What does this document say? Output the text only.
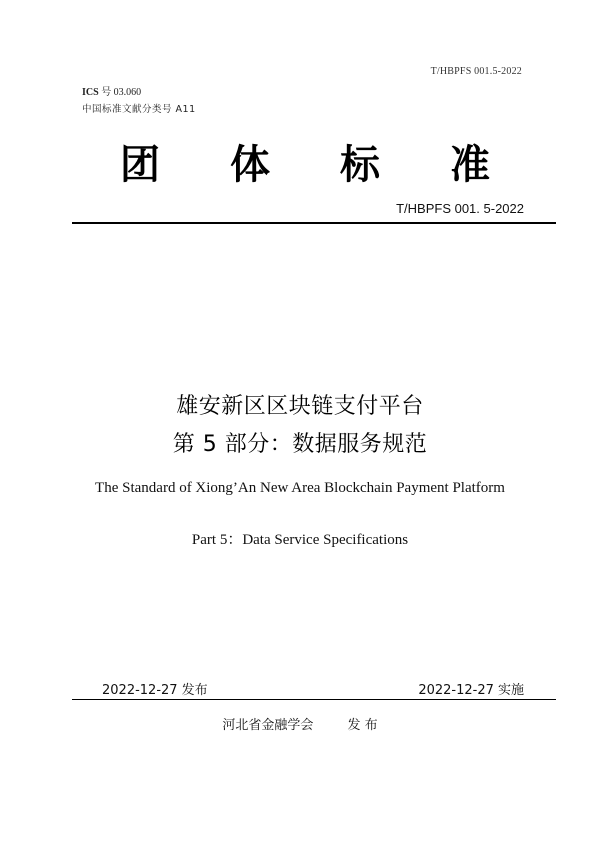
T/HBPFS 001.5-2022
ICS 号 03.060
中国标准文献分类号 A11
团 体 标 准
T/HBPFS 001. 5-2022
雄安新区区块链支付平台
第 5 部分：数据服务规范
The Standard of Xiong’An New Area Blockchain Payment Platform
Part 5：Data Service Specifications
2022-12-27 发布	2022-12-27 实施
河北省金融学会	发 布
